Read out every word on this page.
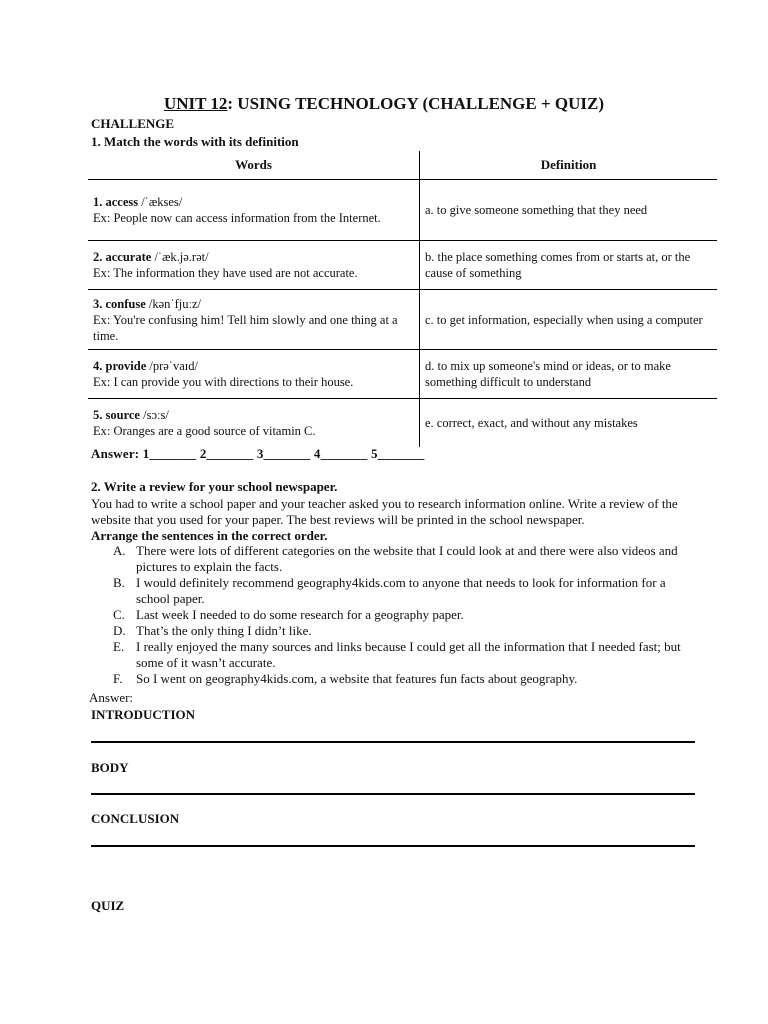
UNIT 12: USING TECHNOLOGY (CHALLENGE + QUIZ)
CHALLENGE
1. Match the words with its definition
Words	Definition
1. access /ˈækses/
Ex: People now can access information from the Internet.	a. to give someone something that they need
2. accurate /ˈæk.jə.rət/
Ex: The information they have used are not accurate.	b. the place something comes from or starts at, or the cause of something
3. confuse /kənˈfjuːz/
Ex: You're confusing him! Tell him slowly and one thing at a time.	c. to get information, especially when using a computer
4. provide /prəˈvaɪd/
Ex: I can provide you with directions to their house.	d. to mix up someone's mind or ideas, or to make something difficult to understand
5. source /sɔːs/
Ex: Oranges are a good source of vitamin C.	e. correct, exact, and without any mistakes
Answer: 1_______ 2_______ 3_______ 4_______ 5_______
2. Write a review for your school newspaper.
You had to write a school paper and your teacher asked you to research information online. Write a review of the website that you used for your paper. The best reviews will be printed in the school newspaper.
Arrange the sentences in the correct order.
A. There were lots of different categories on the website that I could look at and there were also videos and pictures to explain the facts.
B. I would definitely recommend geography4kids.com to anyone that needs to look for information for a school paper.
C. Last week I needed to do some research for a geography paper.
D. That’s the only thing I didn’t like.
E. I really enjoyed the many sources and links because I could get all the information that I needed fast; but some of it wasn’t accurate.
F. So I went on geography4kids.com, a website that features fun facts about geography.
Answer:
INTRODUCTION
BODY
CONCLUSION
QUIZ
